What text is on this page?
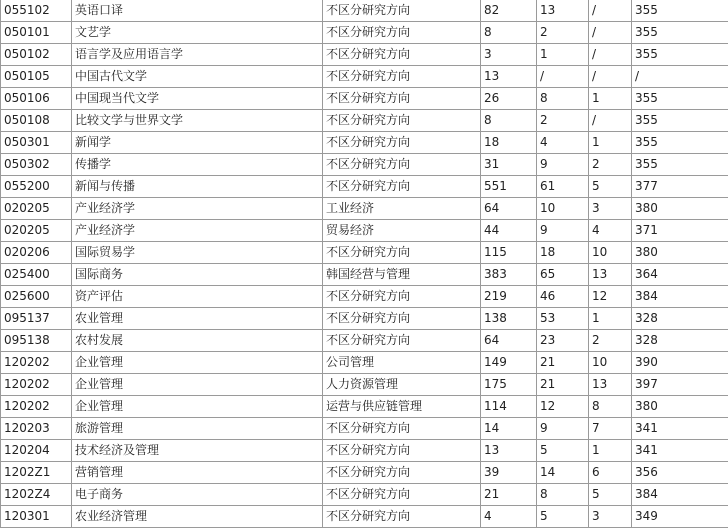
055102	英语口译	不区分研究方向	82	13	/	355
050101	文艺学	不区分研究方向	8	2	/	355
050102	语言学及应用语言学	不区分研究方向	3	1	/	355
050105	中国古代文学	不区分研究方向	13	/	/	/
050106	中国现当代文学	不区分研究方向	26	8	1	355
050108	比较文学与世界文学	不区分研究方向	8	2	/	355
050301	新闻学	不区分研究方向	18	4	1	355
050302	传播学	不区分研究方向	31	9	2	355
055200	新闻与传播	不区分研究方向	551	61	5	377
020205	产业经济学	工业经济	64	10	3	380
020205	产业经济学	贸易经济	44	9	4	371
020206	国际贸易学	不区分研究方向	115	18	10	380
025400	国际商务	韩国经营与管理	383	65	13	364
025600	资产评估	不区分研究方向	219	46	12	384
095137	农业管理	不区分研究方向	138	53	1	328
095138	农村发展	不区分研究方向	64	23	2	328
120202	企业管理	公司管理	149	21	10	390
120202	企业管理	人力资源管理	175	21	13	397
120202	企业管理	运营与供应链管理	114	12	8	380
120203	旅游管理	不区分研究方向	14	9	7	341
120204	技术经济及管理	不区分研究方向	13	5	1	341
1202Z1	营销管理	不区分研究方向	39	14	6	356
1202Z4	电子商务	不区分研究方向	21	8	5	384
120301	农业经济管理	不区分研究方向	4	5	3	349
